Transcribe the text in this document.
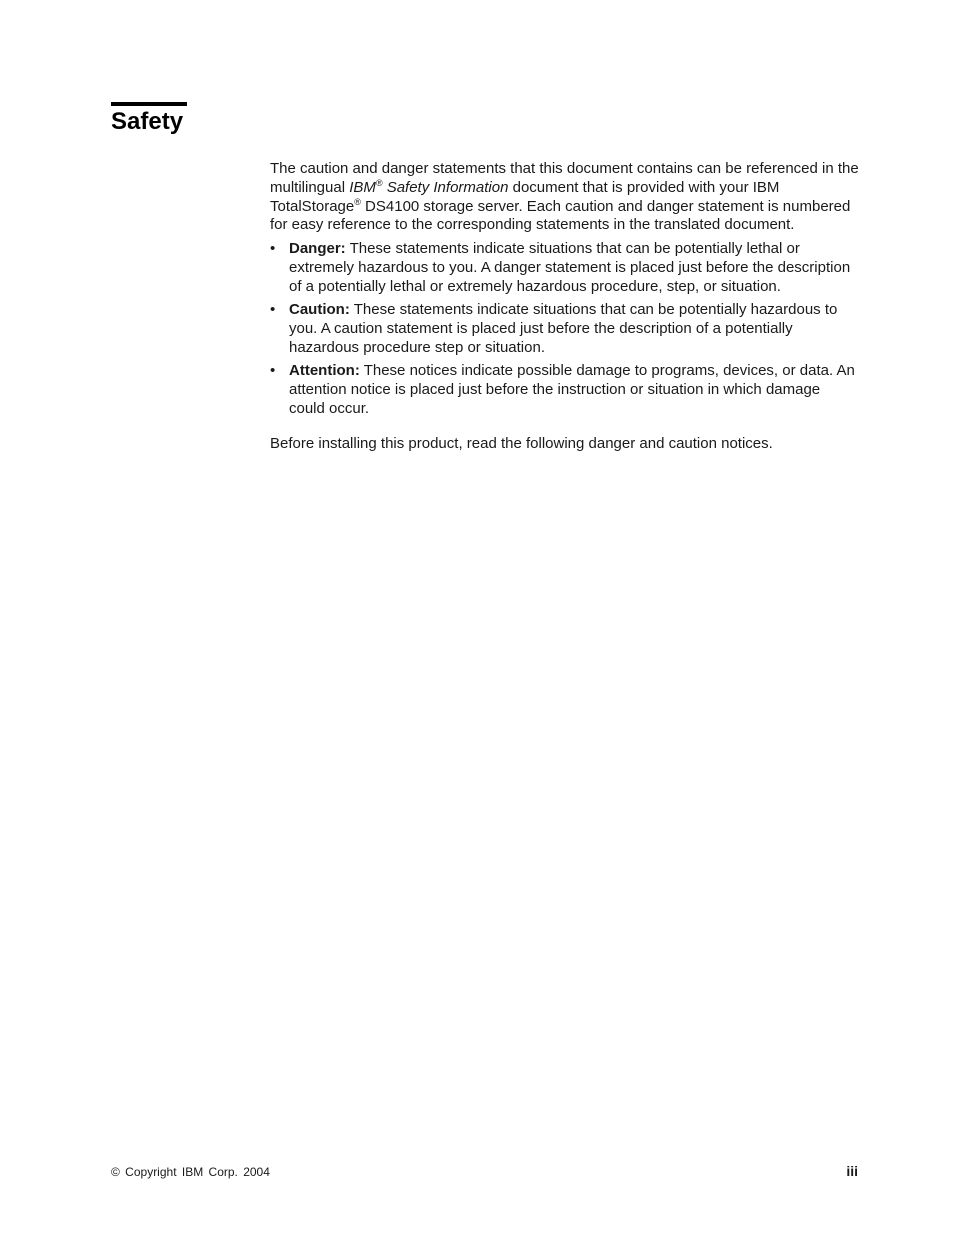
Safety

The caution and danger statements that this document contains can be referenced in the multilingual IBM® Safety Information document that is provided with your IBM TotalStorage® DS4100 storage server. Each caution and danger statement is numbered for easy reference to the corresponding statements in the translated document.

• Danger: These statements indicate situations that can be potentially lethal or extremely hazardous to you. A danger statement is placed just before the description of a potentially lethal or extremely hazardous procedure, step, or situation.
• Caution: These statements indicate situations that can be potentially hazardous to you. A caution statement is placed just before the description of a potentially hazardous procedure step or situation.
• Attention: These notices indicate possible damage to programs, devices, or data. An attention notice is placed just before the instruction or situation in which damage could occur.

Before installing this product, read the following danger and caution notices.

© Copyright IBM Corp. 2004	iii
